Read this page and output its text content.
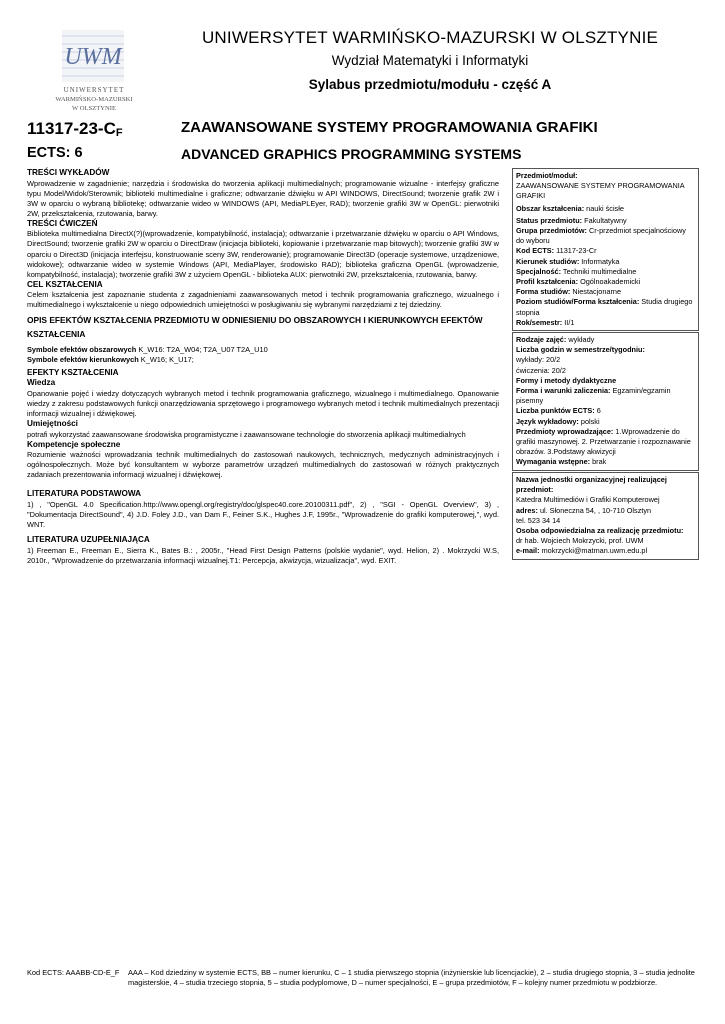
UWM
UNIWERSYTET
WARMIŃSKO-MAZURSKI
W OLSZTYNIE
UNIWERSYTET WARMIŃSKO-MAZURSKI W OLSZTYNIE
Wydział Matematyki i Informatyki
Sylabus przedmiotu/modułu - część A
$11317-23-C_F$
ECTS: 6
ZAAWANSOWANE SYSTEMY PROGRAMOWANIA GRAFIKI
ADVANCED GRAPHICS PROGRAMMING SYSTEMS
TREŚCI WYKŁADÓW

Wprowadzenie w zagadnienie; narzędzia i środowiska do tworzenia aplikacji multimedialnych; programowanie wizualne - interfejsy graficzne typu Model/Widok/Sterownik; biblioteki multimedialne i graficzne; odtwarzanie dźwięku w API WINDOWS, DirectSound; tworzenie grafik 2W i 3W w oparciu o wybraną bibliotekę; odtwarzanie wideo w WINDOWS (API, MediaPLEyer, RAD); tworzenie grafiki 3W w OpenGL: pierwotniki 2W, przekształcenia, rzutowania, barwy.

TREŚCI ĆWICZEŃ

Biblioteka multimedialna DirectX(?)(wprowadzenie, kompatybilność, instalacja); odtwarzanie i przetwarzanie dźwięku w oparciu o API Windows, DirectSound; tworzenie grafiki 2W w oparciu o DirectDraw (inicjacja biblioteki, kopiowanie i przetwarzanie map bitowych); tworzenie grafiki 3W w oparciu o Direct3D (inicjacja interfejsu, konstruowanie sceny 3W, renderowanie); programowanie Direct3D (operacje systemowe, urządzeniowe, widokowe); odtwarzanie wideo w systemie Windows (API, MediaPlayer, środowisko RAD); biblioteka graficzna OpenGL (wprowadzenie, kompatybilność, instalacja); tworzenie grafiki 3W z użyciem OpenGL - biblioteka AUX: pierwotniki 2W, przekształcenia, rzutowania, barwy.

CEL KSZTAŁCENIA

Celem kształcenia jest zapoznanie studenta z zagadnieniami zaawansowanych metod i technik programowania graficznego, wizualnego i multimedialnego i wykształcenie u niego odpowiednich umiejętności w posługiwaniu się wybranymi narzędziami z tej dziedziny.

OPIS EFEKTÓW KSZTAŁCENIA PRZEDMIOTU W ODNIESIENIU DO OBSZAROWYCH I KIERUNKOWYCH EFEKTÓW KSZTAŁCENIA

Symbole efektów obszarowych K_W16: T2A_W04; T2A_U07 T2A_U10

Symbole efektów kierunkowych K_W16; K_U17;

EFEKTY KSZTAŁCENIA
Wiedza

Opanowanie pojęć i wiedzy dotyczących wybranych metod i technik programowania graficznego, wizualnego i multimedialnego. Opanowanie wiedzy z zakresu podstawowych funkcji onarzędziowania sprzętowego i programowego wybranych metod i technik multimedialnych prezentacji informacji wizualnej i dźwiękowej.

Umiejętności

potrafi wykorzystać zaawansowane środowiska programistyczne i zaawansowane technologie do stworzenia aplikacji multimedialnych

Kompetencje społeczne

Rozumienie ważności wprowadzania technik multimedialnych do zastosowań naukowych, technicznych, medycznych administracyjnych i ogólnospołecznych. Może być konsultantem w wyborze parametrów urządzeń multimedialnych do zastosowań w różnych praktycznych zadaniach prezentowania informacji wizualnej i dźwiękowej.

LITERATURA PODSTAWOWA

1) , "OpenGL 4.0 Specification.http://www.opengl.org/registry/doc/glspec40.core.20100311.pdf", 2) , "SGI - OpenGL Overview", 3) , "Dokumentacja DirectSound", 4) J.D. Foley J.D., van Dam F., Feiner S.K., Hughes J.F, 1995r., "Wprowadzenie do grafiki komputerowej,", wyd. WNT.

LITERATURA UZUPEŁNIAJĄCA

1) Freeman E., Freeman E., Sierra K., Bates B.: , 2005r., "Head First Design Patterns (polskie wydanie", wyd. Helion, 2) . Mokrzycki W.S, 2010r., "Wprowadzenie do przetwarzania informacji wizualnej.T1: Percepcja, akwizycja, wizualizacja", wyd. EXIT.

Przedmiot/moduł:
ZAAWANSOWANE SYSTEMY PROGRAMOWANIA GRAFIKI
Obszar kształcenia: nauki ścisłe
Status przedmiotu: Fakultatywny
Grupa przedmiotów: Cr-przedmiot specjalnościowy do wyboru
Kod ECTS: 11317-23-Cr
Kierunek studiów: Informatyka
Specjalność: Techniki multimedialne
Profil kształcenia: Ogólnoakademicki
Forma studiów: Niestacjonarne
Poziom studiów/Forma kształcenia: Studia drugiego stopnia
Rok/semestr: II/1
Rodzaje zajęć: wykłady
Liczba godzin w semestrze/tygodniu:
wykłady: 20/2
ćwiczenia: 20/2
Formy i metody dydaktyczne
Forma i warunki zaliczenia: Egzamin/egzamin pisemny
Liczba punktów ECTS: 6
Język wykładowy: polski
Przedmioty wprowadzające: 1.Wprowadzenie do grafiki maszynowej. 2. Przetwarzanie i rozpoznawanie obrazów. 3.Podstawy akwizycji
Wymagania wstępne: brak
Nazwa jednostki organizacyjnej realizującej przedmiot:
Katedra Multimediów i Grafiki Komputerowej
adres: ul. Słoneczna 54, , 10-710 Olsztyn
tel. 523 34 14
Osoba odpowiedzialna za realizację przedmiotu:
dr hab. Wojciech Mokrzycki, prof. UWM
e-mail: mokrzycki@matman.uwm.edu.pl
Kod ECTS: AAABB-CD-E_F	AAA – Kod dziedziny w systemie ECTS, BB – numer kierunku, C – 1 studia pierwszego stopnia (inżynierskie lub licencjackie), 2 – studia drugiego stopnia, 3 – studia jednolite magisterskie, 4 – studia trzeciego stopnia, 5 – studia podyplomowe, D – numer specjalności, E – grupa przedmiotów, F – kolejny numer przedmiotu w podzbiorze.
